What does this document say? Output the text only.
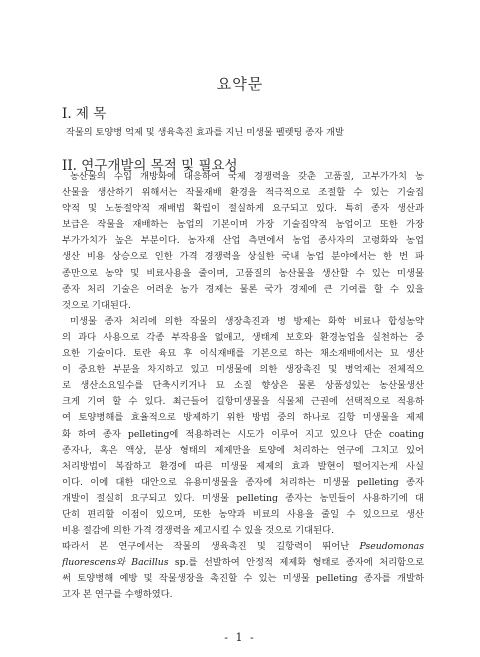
요약문
I. 제 목
작물의 토양병 억제 및 생육촉진 효과를 지닌 미생물 펠렛팅 종자 개발
II. 연구개발의 목적 및 필요성
농산물의 수입 개방화에 대응하여 국제 경쟁력을 갖춘 고품질, 고부가가치 농
산물을 생산하기 위해서는 작물재배 환경을 적극적으로 조절할 수 있는 기술집
약적 및 노동절약적 재배법 확립이 절실하게 요구되고 있다. 특히 종자 생산과
보급은 작물을 재배하는 농업의 기본이며 가장 기술집약적 농업이고 또한 가장
부가가치가 높은 부분이다. 농자재 산업 측면에서 농업 종사자의 고령화와 농업
생산 비용 상승으로 인한 가격 경쟁력을 상실한 국내 농업 분야에서는 한 번 파
종만으로 농약 및 비료사용을 줄이며, 고품질의 농산물을 생산할 수 있는 미생물
종자 처리 기술은 어려운 농가 경제는 물론 국가 경제에 큰 기여를 할 수 있을
것으로 기대된다.
미생물 종자 처리에 의한 작물의 생장촉진과 병 방제는 화학 비료나 합성농약
의 과다 사용으로 각종 부작용을 없애고, 생태계 보호와 환경농업을 실천하는 중
요한 기술이다. 토란 육묘 후 이식재배를 기본으로 하는 채소재배에서는 묘 생산
이 중요한 부분을 차지하고 있고 미생물에 의한 생장촉진 및 병억제는 전체적으
로 생산소요일수를 단축시키거나 묘 소질 향상은 물론 상품성있는 농산물생산
크게 기여 할 수 있다. 최근들어 길항미생물을 식물체 근권에 선택적으로 적용하
여 토양병해를 효율적으로 방제하기 위한 방법 중의 하나로 길항 미생물을 제제
화 하여 종자 pelleting에 적용하려는 시도가 이루어 지고 있으나 단순 coating
종자나, 혹은 액상, 분상 형태의 제제만을 토양에 처리하는 연구에 그치고 있어
처리방법이 복잡하고 환경에 따른 미생물 제제의 효과 발현이 떨어지는게 사실
이다. 이에 대한 대안으로 유용미생물을 종자에 처리하는 미생물 pelleting 종자
개발이 절실히 요구되고 있다. 미생물 pelleting 종자는 농민들이 사용하기에 대
단히 편리할 이점이 있으며, 또한 농약과 비료의 사용을 줄일 수 있으므로 생산
비용 절감에 의한 가격 경쟁력을 제고시킬 수 있을 것으로 기대된다.
따라서 본 연구에서는 작물의 생육촉진 및 길항력이 뛰어난 Pseudomonas
fluorescens와 Bacillus sp.를 선발하여 안정적 제제화 형태로 종자에 처리함으로
써 토양병해 예방 및 작물생장을 촉진할 수 있는 미생물 pelleting 종자를 개발하
고자 본 연구를 수행하였다.
- 1 -
